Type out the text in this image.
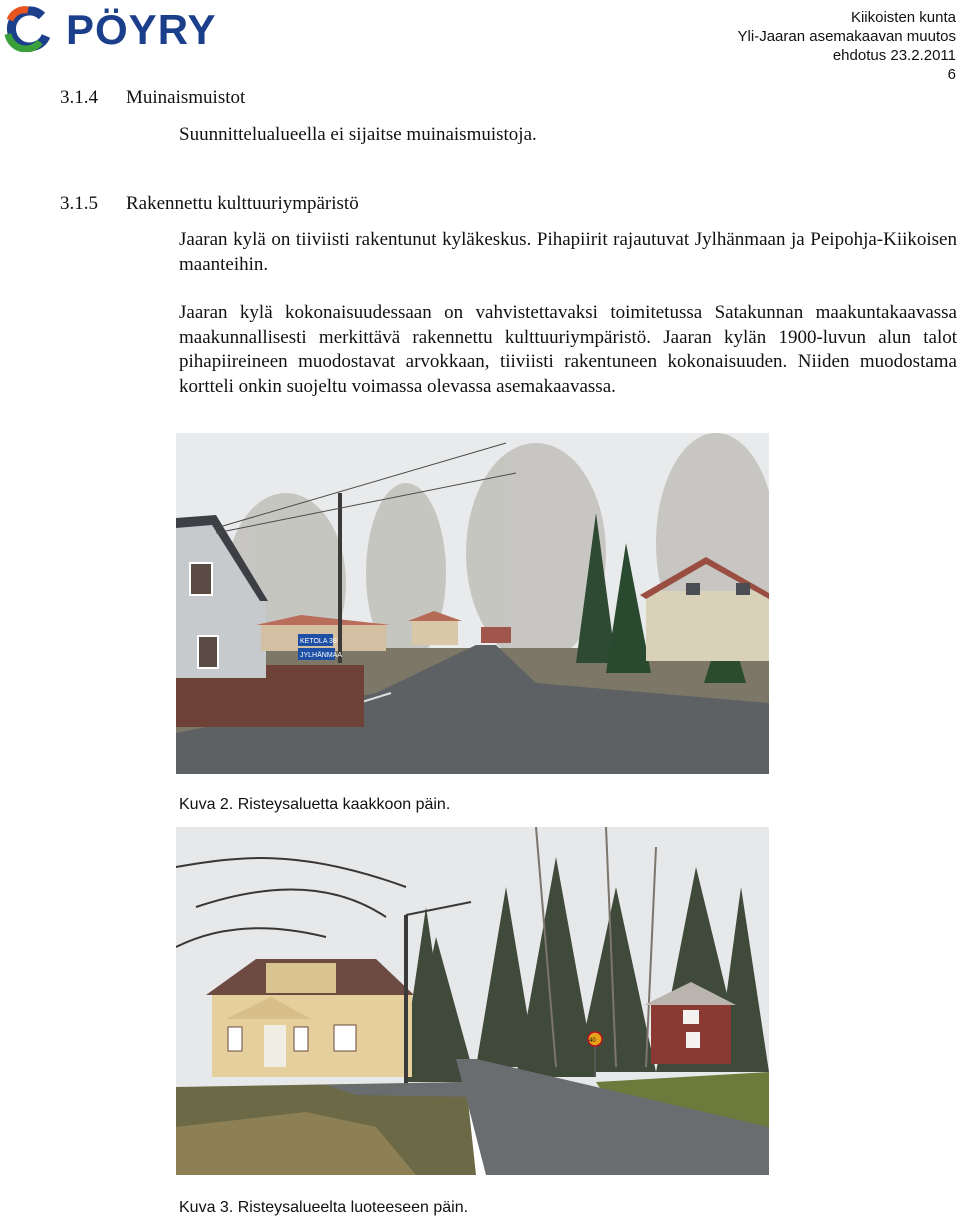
PÖYRY	Kiikoisten kunta
Yli-Jaaran asemakaavan muutos
ehdotus 23.2.2011
6
3.1.4 Muinaismuistot
Suunnittelualueella ei sijaitse muinaismuistoja.
3.1.5 Rakennettu kulttuuriympäristö
Jaaran kylä on tiiviisti rakentunut kyläkeskus. Pihapiirit rajautuvat Jylhänmaan ja Peipohja-Kiikoisen maanteihin.
Jaaran kylä kokonaisuudessaan on vahvistettavaksi toimitetussa Satakunnan maakuntakaavassa maakunnallisesti merkittävä rakennettu kulttuuriympäristö. Jaaran kylän 1900-luvun alun talot pihapiireineen muodostavat arvokkaan, tiiviisti rakentuneen kokonaisuuden. Niiden muodostama kortteli onkin suojeltu voimassa olevassa asemakaavassa.
KETOLA 39
JYLHÄNMAA
Kuva 2. Risteysaluetta kaakkoon päin.
40
Kuva 3. Risteysalueelta luoteeseen päin.
